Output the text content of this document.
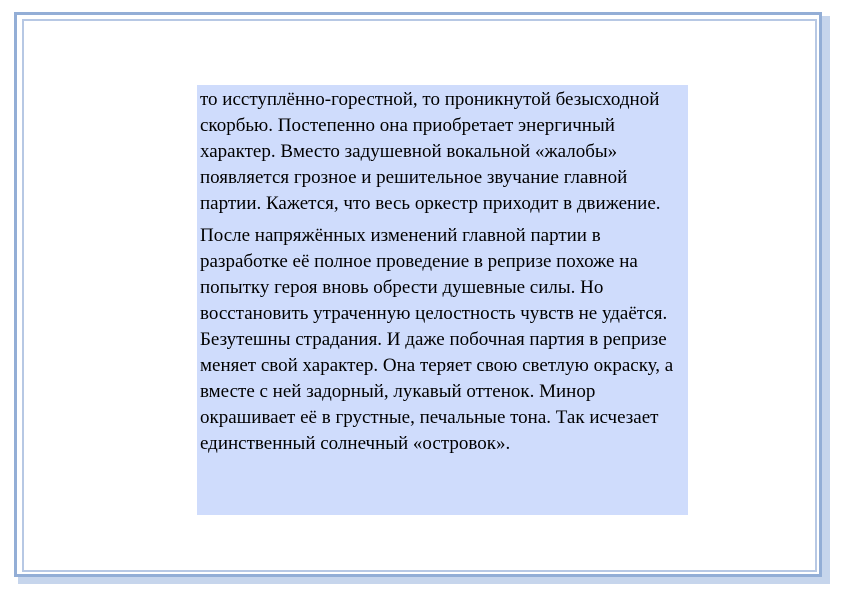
то исступлённо-горестной, то проникнутой безысходной скорбью. Постепенно она приобретает энергичный характер. Вместо задушевной вокальной «жалобы» появляется грозное и решительное звучание главной партии. Кажется, что весь оркестр приходит в движение.

После напряжённых изменений главной партии в разработке её полное проведение в репризе похоже на попытку героя вновь обрести душевные силы. Но восстановить утраченную целостность чувств не удаётся. Безутешны страдания. И даже побочная партия в репризе меняет свой характер. Она теряет свою светлую окраску, а вместе с ней задорный, лукавый оттенок. Минор окрашивает её в грустные, печальные тона. Так исчезает единственный солнечный «островок».
